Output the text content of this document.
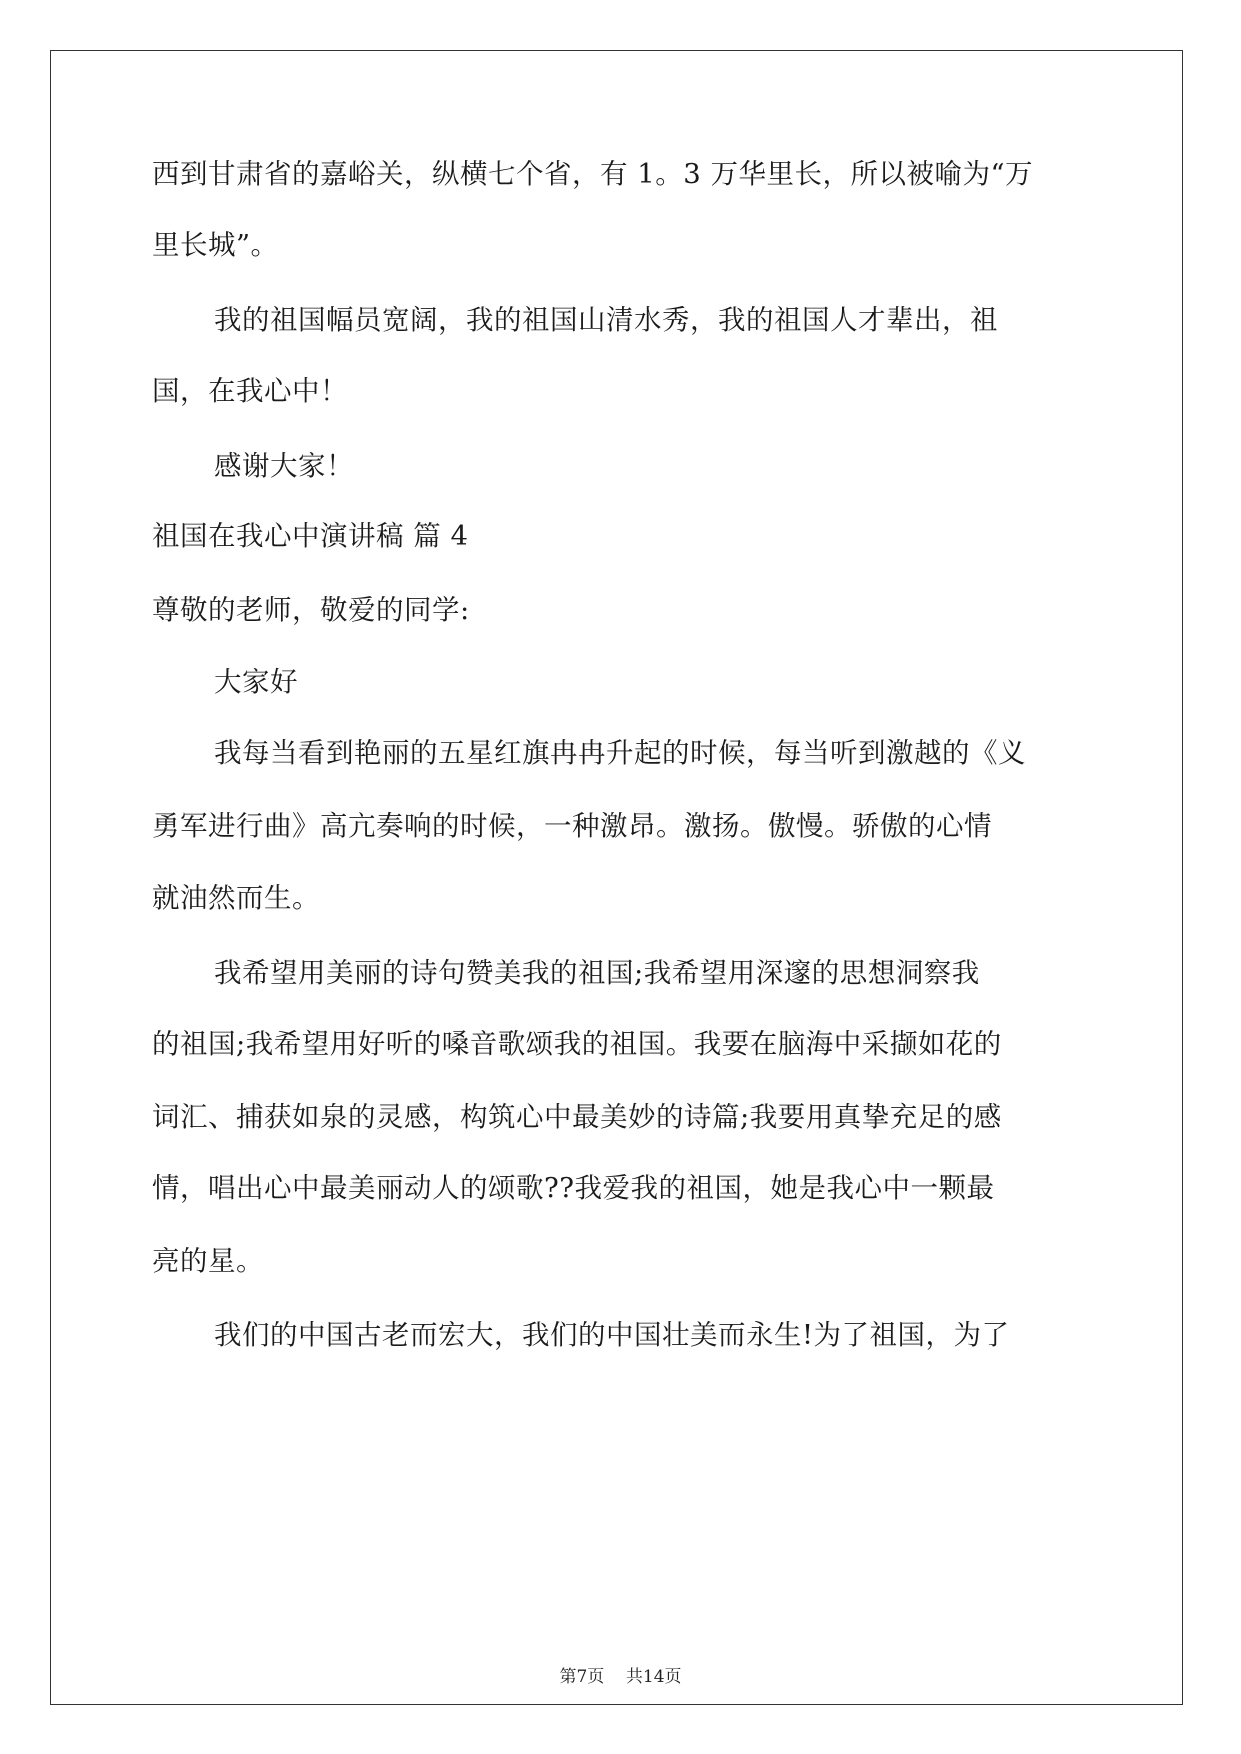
西到甘肃省的嘉峪关，纵横七个省，有 1。3 万华里长，所以被喻为“万
里长城”。
我的祖国幅员宽阔，我的祖国山清水秀，我的祖国人才辈出，祖
国，在我心中！
感谢大家！
祖国在我心中演讲稿 篇 4
尊敬的老师，敬爱的同学:
大家好
我每当看到艳丽的五星红旗冉冉升起的时候，每当听到激越的《义
勇军进行曲》高亢奏响的时候，一种激昂。激扬。傲慢。骄傲的心情
就油然而生。
我希望用美丽的诗句赞美我的祖国;我希望用深邃的思想洞察我
的祖国;我希望用好听的嗓音歌颂我的祖国。我要在脑海中采撷如花的
词汇、捕获如泉的灵感，构筑心中最美妙的诗篇;我要用真挚充足的感
情，唱出心中最美丽动人的颂歌??我爱我的祖国，她是我心中一颗最
亮的星。
我们的中国古老而宏大，我们的中国壮美而永生!为了祖国，为了
第7页    共14页
